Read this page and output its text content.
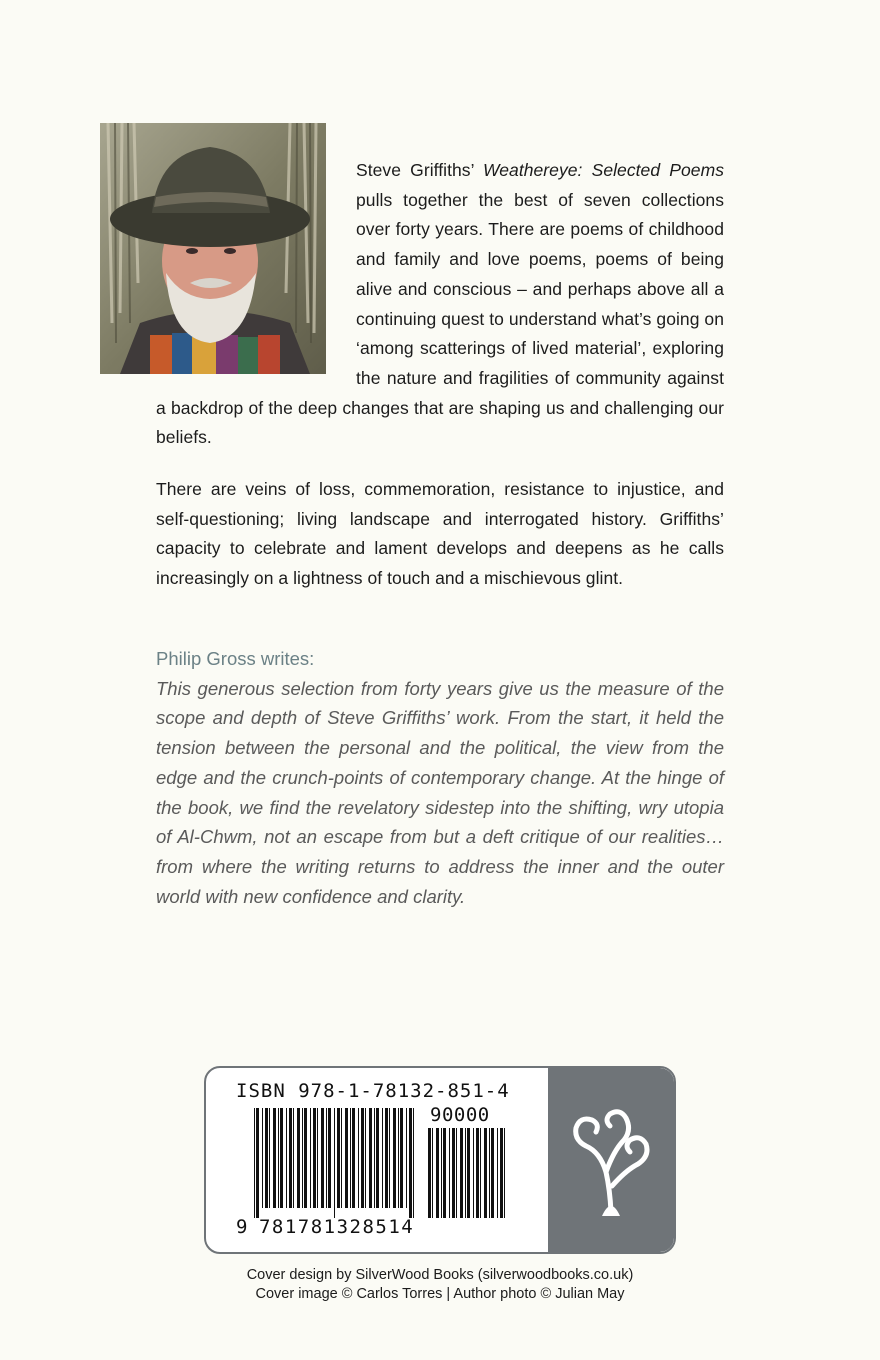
Steve Griffiths’ Weathereye: Selected Poems pulls together the best of seven collections over forty years. There are poems of childhood and family and love poems, poems of being alive and conscious – and perhaps above all a continuing quest to understand what’s going on ‘among scatterings of lived material’, exploring the nature and fragilities of community against a backdrop of the deep changes that are shaping us and challenging our beliefs.

There are veins of loss, commemoration, resistance to injustice, and self-questioning; living landscape and interrogated history. Griffiths’ capacity to celebrate and lament develops and deepens as he calls increasingly on a lightness of touch and a mischievous glint.

Philip Gross writes:

This generous selection from forty years give us the measure of the scope and depth of Steve Griffiths’ work. From the start, it held the tension between the personal and the political, the view from the edge and the crunch-points of contemporary change. At the hinge of the book, we find the revelatory sidestep into the shifting, wry utopia of Al-Chwm, not an escape from but a deft critique of our realities…from where the writing returns to address the inner and the outer world with new confidence and clarity.

ISBN 978-1-78132-851-4
90000
9 781781328514
Cover design by SilverWood Books (silverwoodbooks.co.uk)
Cover image © Carlos Torres | Author photo © Julian May
